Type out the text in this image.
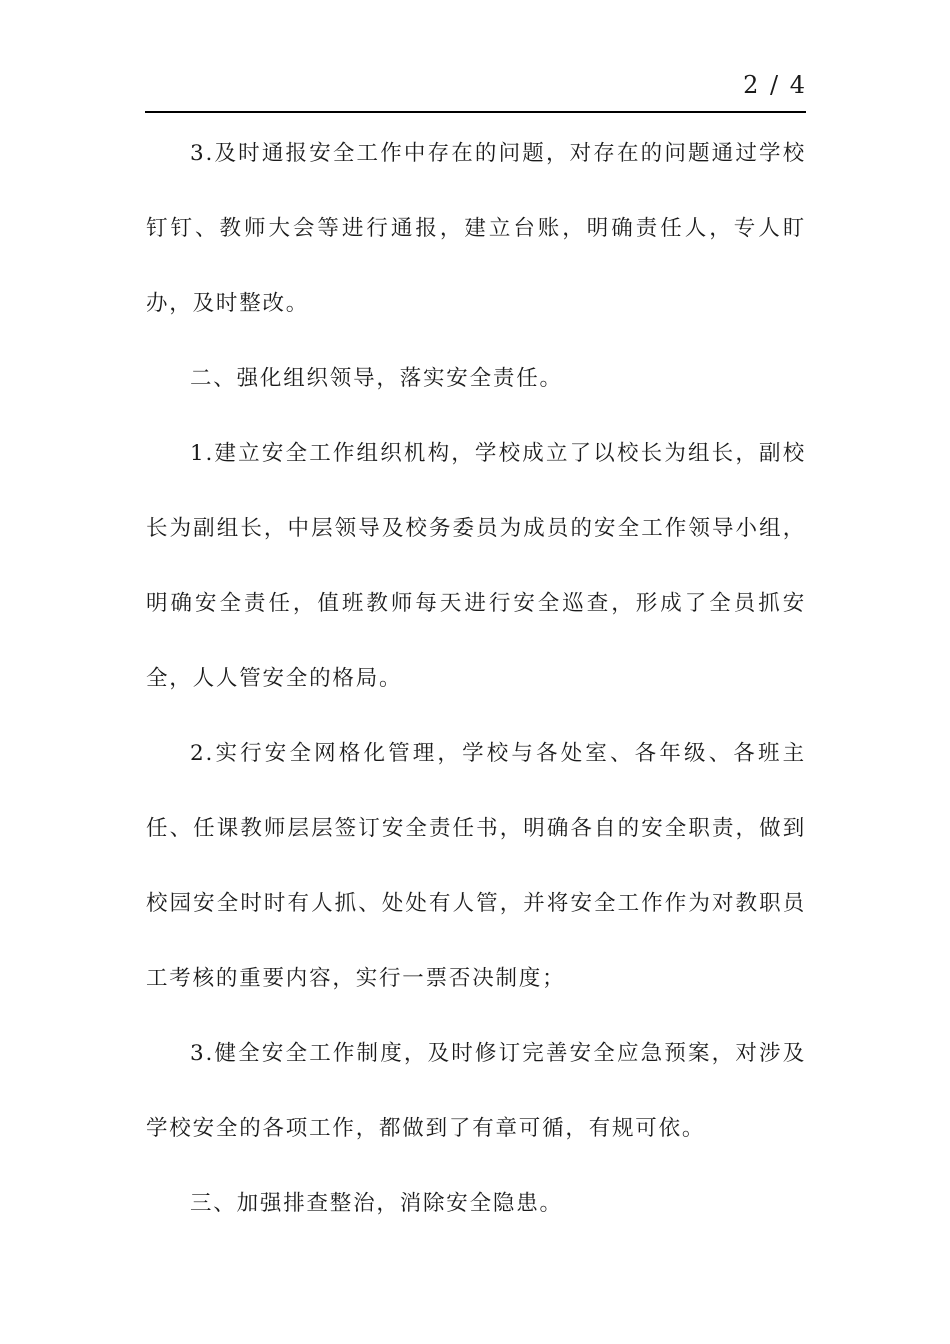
2 / 4

3.及时通报安全工作中存在的问题，对存在的问题通过学校钉钉、教师大会等进行通报，建立台账，明确责任人，专人盯办，及时整改。

二、强化组织领导，落实安全责任。

1.建立安全工作组织机构，学校成立了以校长为组长，副校长为副组长，中层领导及校务委员为成员的安全工作领导小组，明确安全责任，值班教师每天进行安全巡查，形成了全员抓安全，人人管安全的格局。

2.实行安全网格化管理，学校与各处室、各年级、各班主任、任课教师层层签订安全责任书，明确各自的安全职责，做到校园安全时时有人抓、处处有人管，并将安全工作作为对教职员工考核的重要内容，实行一票否决制度；

3.健全安全工作制度，及时修订完善安全应急预案，对涉及学校安全的各项工作，都做到了有章可循，有规可依。

三、加强排查整治，消除安全隐患。
